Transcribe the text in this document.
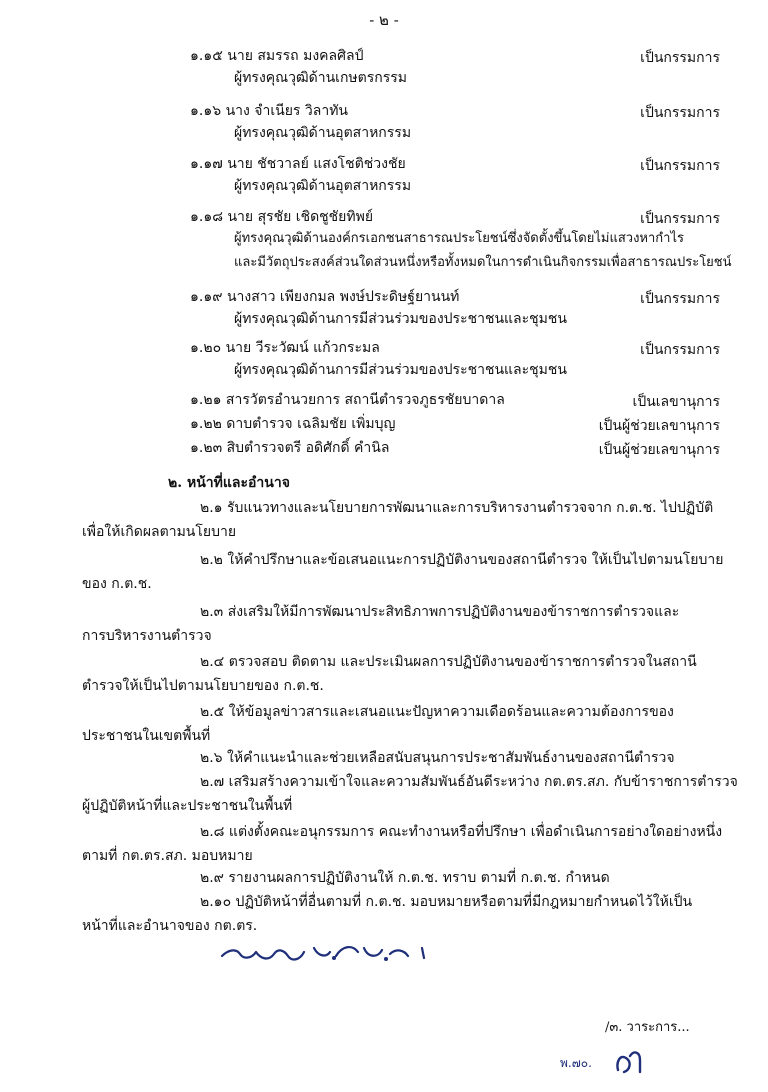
- ๒ -
๑.๑๕ นาย สมรรถ มงคลศิลป์	เป็นกรรมการ
ผู้ทรงคุณวุฒิด้านเกษตรกรรม
๑.๑๖ นาง จำเนียร วิลาทัน	เป็นกรรมการ
ผู้ทรงคุณวุฒิด้านอุตสาหกรรม
๑.๑๗ นาย ชัชวาลย์ แสงโชติช่วงชัย	เป็นกรรมการ
ผู้ทรงคุณวุฒิด้านอุตสาหกรรม
๑.๑๘ นาย สุรชัย เชิดชูชัยทิพย์	เป็นกรรมการ
ผู้ทรงคุณวุฒิด้านองค์กรเอกชนสาธารณประโยชน์ซึ่งจัดตั้งขึ้นโดยไม่แสวงหากำไร
และมีวัตถุประสงค์ส่วนใดส่วนหนึ่งหรือทั้งหมดในการดำเนินกิจกรรมเพื่อสาธารณประโยชน์
๑.๑๙ นางสาว เพียงกมล พงษ์ประดิษฐ์ยานนท์	เป็นกรรมการ
ผู้ทรงคุณวุฒิด้านการมีส่วนร่วมของประชาชนและชุมชน
๑.๒๐ นาย วีระวัฒน์ แก้วกระมล	เป็นกรรมการ
ผู้ทรงคุณวุฒิด้านการมีส่วนร่วมของประชาชนและชุมชน
๑.๒๑ สารวัตรอำนวยการ สถานีตำรวจภูธรชัยบาดาล	เป็นเลขานุการ
๑.๒๒ ดาบตำรวจ เฉลิมชัย เพิ่มบุญ	เป็นผู้ช่วยเลขานุการ
๑.๒๓ สิบตำรวจตรี อดิศักดิ์ คำนิล	เป็นผู้ช่วยเลขานุการ
๒. หน้าที่และอำนาจ
๒.๑ รับแนวทางและนโยบายการพัฒนาและการบริหารงานตำรวจจาก ก.ต.ช. ไปปฏิบัติ
เพื่อให้เกิดผลตามนโยบาย
๒.๒ ให้คำปรึกษาและข้อเสนอแนะการปฏิบัติงานของสถานีตำรวจ ให้เป็นไปตามนโยบาย
ของ ก.ต.ช.
๒.๓ ส่งเสริมให้มีการพัฒนาประสิทธิภาพการปฏิบัติงานของข้าราชการตำรวจและ
การบริหารงานตำรวจ
๒.๔ ตรวจสอบ ติดตาม และประเมินผลการปฏิบัติงานของข้าราชการตำรวจในสถานี
ตำรวจให้เป็นไปตามนโยบายของ ก.ต.ช.
๒.๕ ให้ข้อมูลข่าวสารและเสนอแนะปัญหาความเดือดร้อนและความต้องการของ
ประชาชนในเขตพื้นที่
๒.๖ ให้คำแนะนำและช่วยเหลือสนับสนุนการประชาสัมพันธ์งานของสถานีตำรวจ
๒.๗ เสริมสร้างความเข้าใจและความสัมพันธ์อันดีระหว่าง กต.ตร.สภ. กับข้าราชการตำรวจ
ผู้ปฏิบัติหน้าที่และประชาชนในพื้นที่
๒.๘ แต่งตั้งคณะอนุกรรมการ คณะทำงานหรือที่ปรึกษา เพื่อดำเนินการอย่างใดอย่างหนึ่ง
ตามที่ กต.ตร.สภ. มอบหมาย
๒.๙ รายงานผลการปฏิบัติงานให้ ก.ต.ช. ทราบ ตามที่ ก.ต.ช. กำหนด
๒.๑๐ ปฏิบัติหน้าที่อื่นตามที่ ก.ต.ช. มอบหมายหรือตามที่มีกฎหมายกำหนดไว้ให้เป็น
หน้าที่และอำนาจของ กต.ตร.
/๓. วาระการ...
พ.๗๐.
